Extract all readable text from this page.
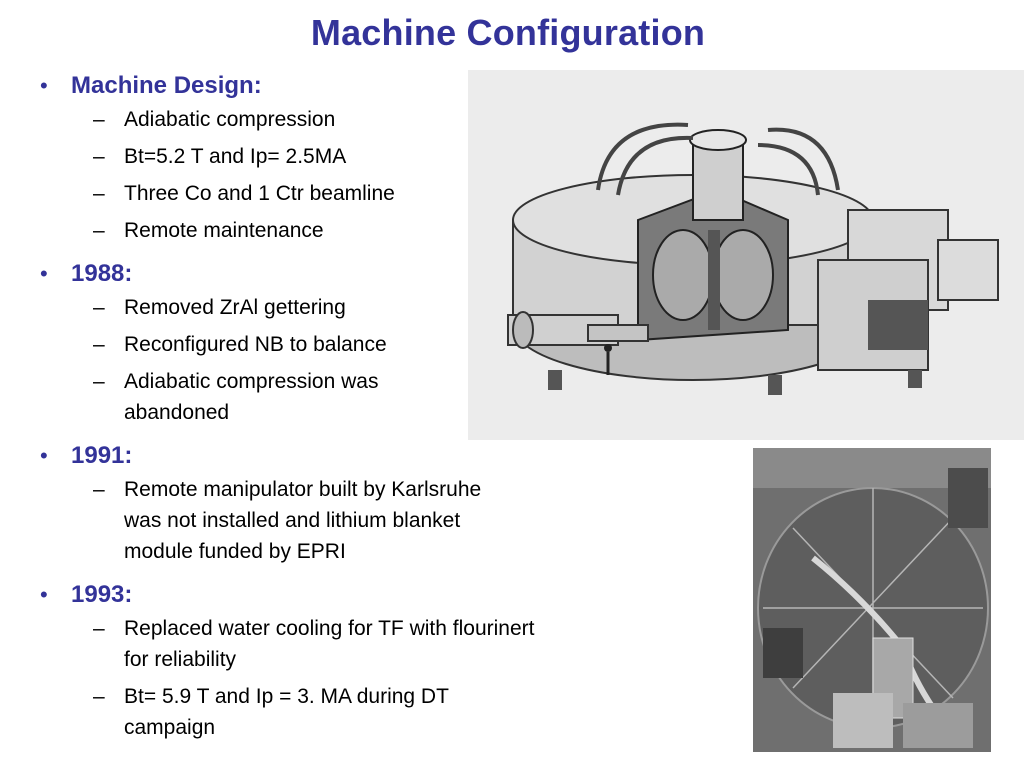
Machine Configuration
• Machine Design:
– Adiabatic compression
– Bt=5.2 T and Ip= 2.5MA
– Three Co and 1 Ctr beamline
– Remote maintenance
• 1988:
– Removed ZrAl gettering
– Reconfigured NB to balance
– Adiabatic compression was abandoned
• 1991:
– Remote manipulator built by Karlsruhe was not installed and lithium blanket module funded by EPRI
• 1993:
– Replaced water cooling for TF with flourinert for reliability
– Bt= 5.9 T and Ip = 3. MA during DT campaign
